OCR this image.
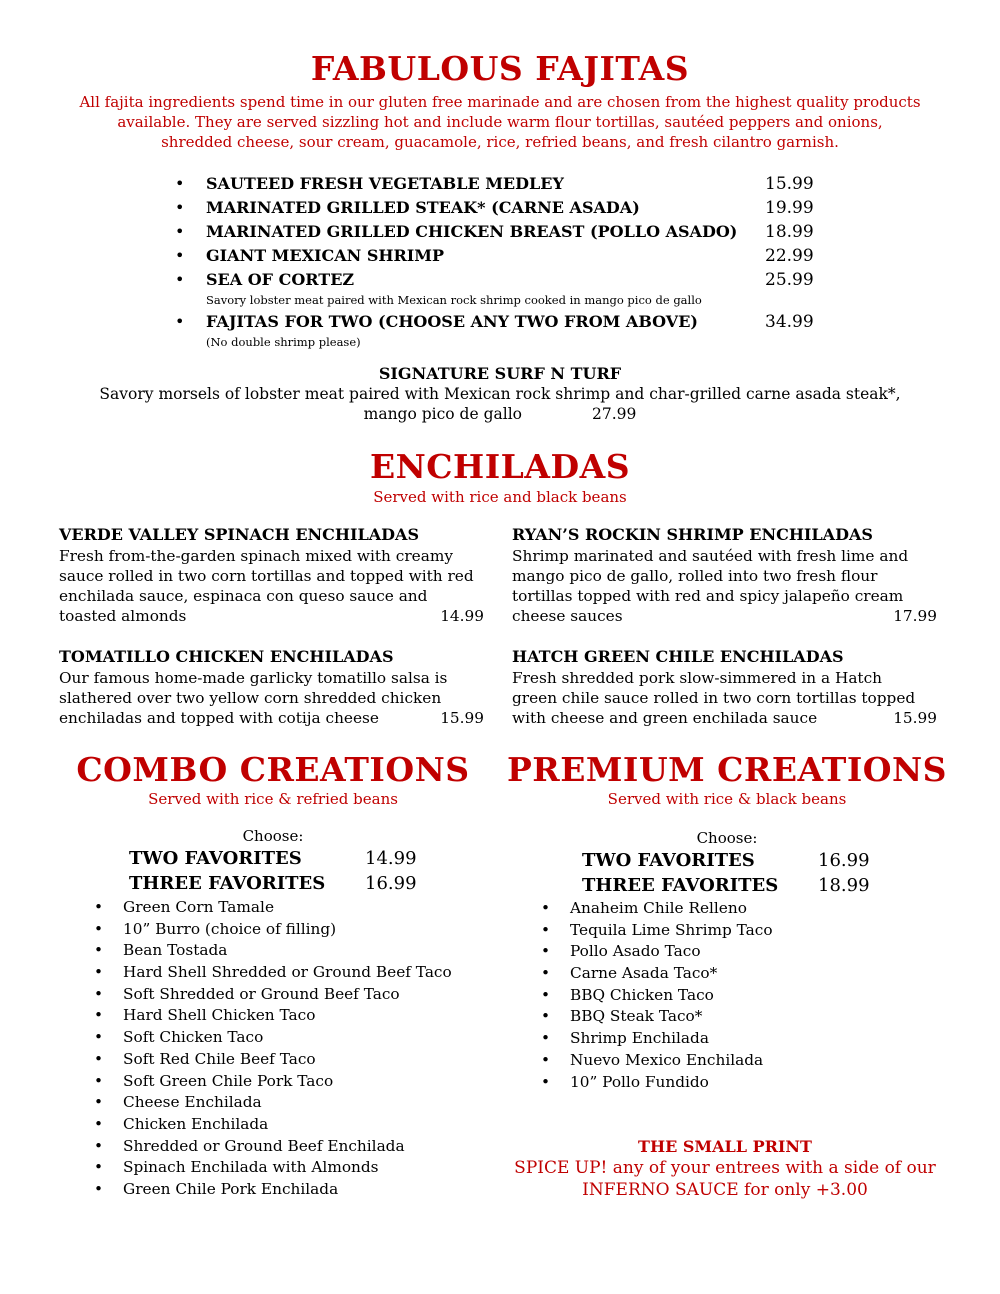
FABULOUS FAJITAS
All fajita ingredients spend time in our gluten free marinade and are chosen from the highest quality products
available. They are served sizzling hot and include warm flour tortillas, sautéed peppers and onions,
shredded cheese, sour cream, guacamole, rice, refried beans, and fresh cilantro garnish.
• SAUTEED FRESH VEGETABLE MEDLEY	15.99
• MARINATED GRILLED STEAK* (CARNE ASADA)	19.99
• MARINATED GRILLED CHICKEN BREAST (POLLO ASADO) 18.99
• GIANT MEXICAN SHRIMP	22.99
• SEA OF CORTEZ	25.99
Savory lobster meat paired with Mexican rock shrimp cooked in mango pico de gallo
• FAJITAS FOR TWO (CHOOSE ANY TWO FROM ABOVE)	34.99
(No double shrimp please)
SIGNATURE SURF N TURF
Savory morsels of lobster meat paired with Mexican rock shrimp and char-grilled carne asada steak*,
mango pico de gallo	27.99
ENCHILADAS
Served with rice and black beans
VERDE VALLEY SPINACH ENCHILADAS
Fresh from-the-garden spinach mixed with creamy
sauce rolled in two corn tortillas and topped with red
enchilada sauce, espinaca con queso sauce and
toasted almonds	14.99
RYAN’S ROCKIN SHRIMP ENCHILADAS
Shrimp marinated and sautéed with fresh lime and
mango pico de gallo, rolled into two fresh flour
tortillas topped with red and spicy jalapeño cream
cheese sauces	17.99
TOMATILLO CHICKEN ENCHILADAS
Our famous home-made garlicky tomatillo salsa is
slathered over two yellow corn shredded chicken
enchiladas and topped with cotija cheese	15.99
HATCH GREEN CHILE ENCHILADAS
Fresh shredded pork slow-simmered in a Hatch
green chile sauce rolled in two corn tortillas topped
with cheese and green enchilada sauce	15.99
COMBO CREATIONS
Served with rice & refried beans
Choose:
TWO FAVORITES	14.99
THREE FAVORITES 16.99
• Green Corn Tamale
• 10” Burro (choice of filling)
• Bean Tostada
• Hard Shell Shredded or Ground Beef Taco
• Soft Shredded or Ground Beef Taco
• Hard Shell Chicken Taco
• Soft Chicken Taco
• Soft Red Chile Beef Taco
• Soft Green Chile Pork Taco
• Cheese Enchilada
• Chicken Enchilada
• Shredded or Ground Beef Enchilada
• Spinach Enchilada with Almonds
• Green Chile Pork Enchilada
PREMIUM CREATIONS
Served with rice & black beans
Choose:
TWO FAVORITES	16.99
THREE FAVORITES 18.99
• Anaheim Chile Relleno
• Tequila Lime Shrimp Taco
• Pollo Asado Taco
• Carne Asada Taco*
• BBQ Chicken Taco
• BBQ Steak Taco*
• Shrimp Enchilada
• Nuevo Mexico Enchilada
• 10” Pollo Fundido
THE SMALL PRINT
SPICE UP! any of your entrees with a side of our
INFERNO SAUCE for only +3.00
